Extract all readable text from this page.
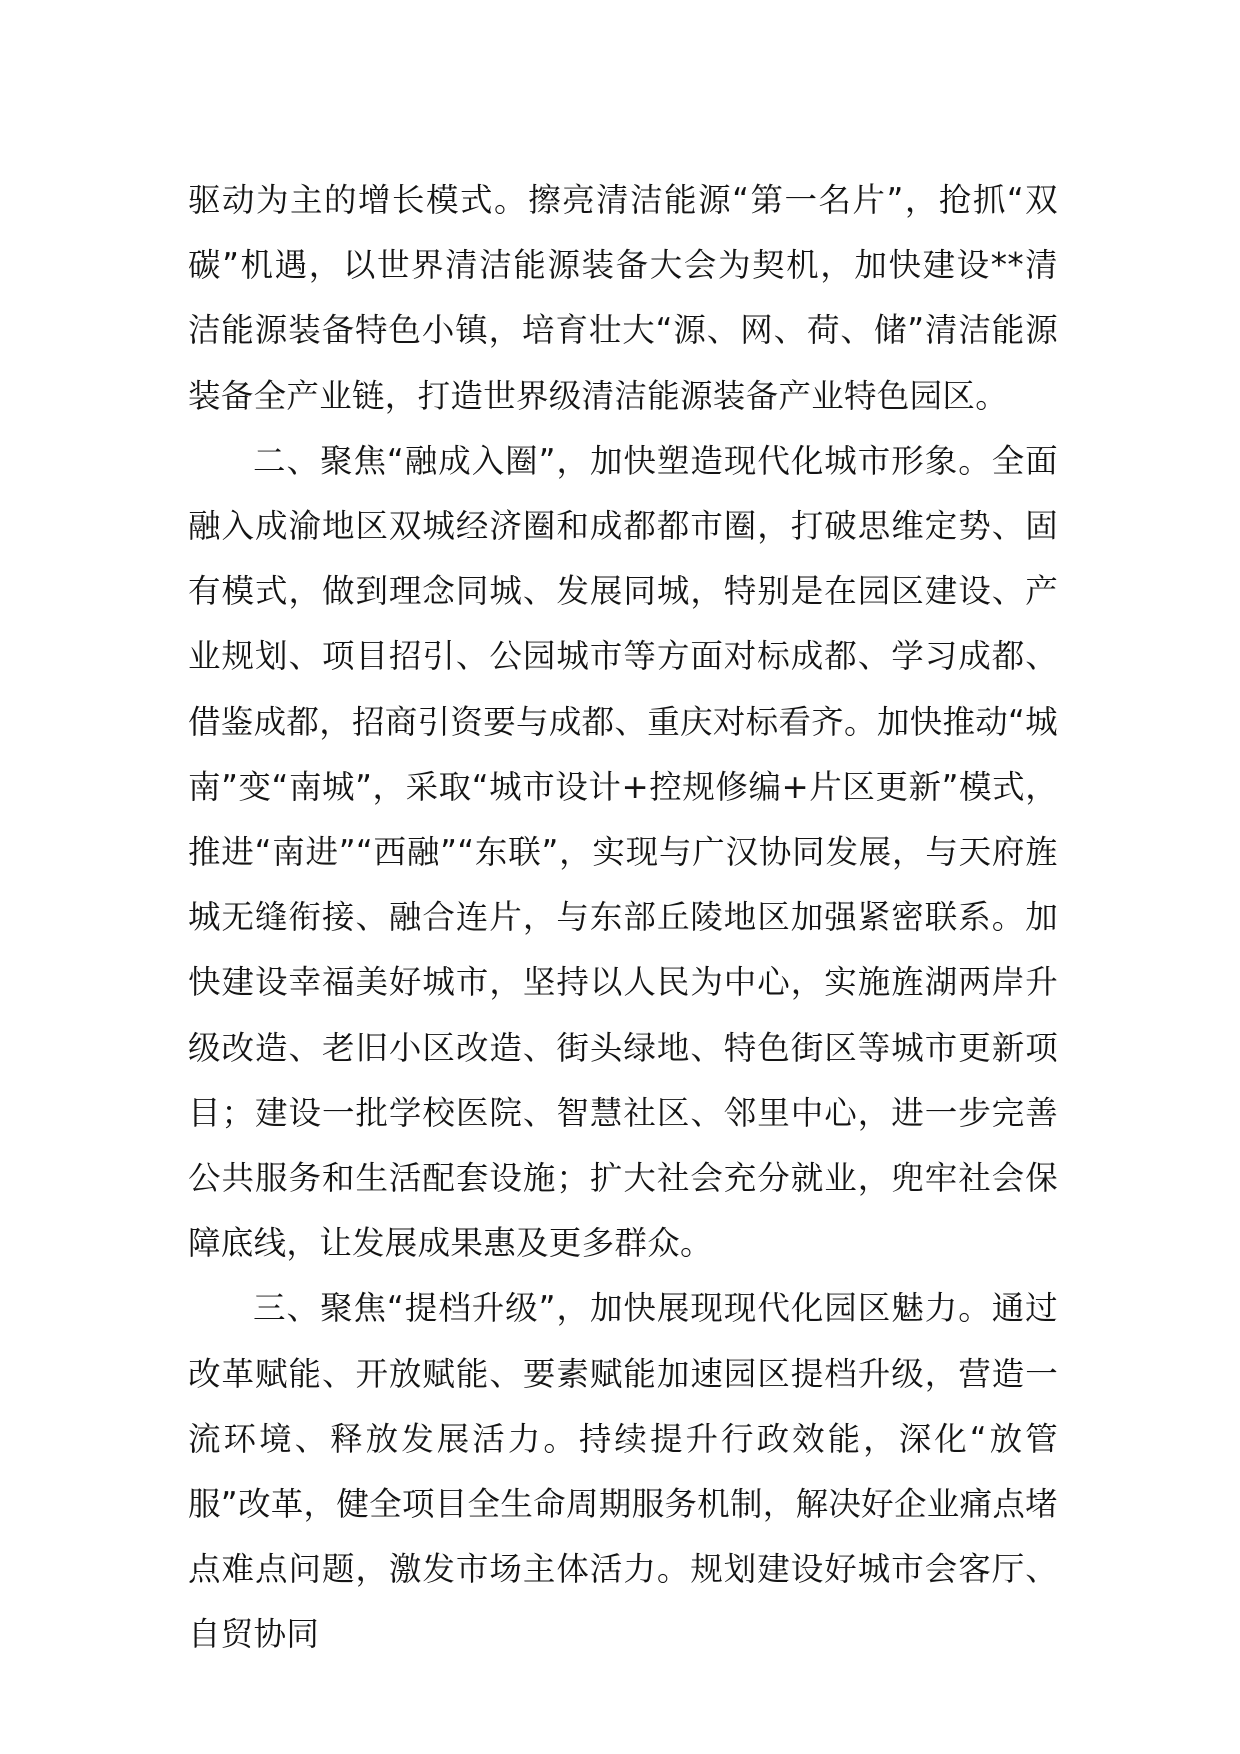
驱动为主的增长模式。擦亮清洁能源“第一名片”，抢抓“双碳”机遇，以世界清洁能源装备大会为契机，加快建设**清洁能源装备特色小镇，培育壮大“源、网、荷、储”清洁能源装备全产业链，打造世界级清洁能源装备产业特色园区。

二、聚焦“融成入圈”，加快塑造现代化城市形象。全面融入成渝地区双城经济圈和成都都市圈，打破思维定势、固有模式，做到理念同城、发展同城，特别是在园区建设、产业规划、项目招引、公园城市等方面对标成都、学习成都、借鉴成都，招商引资要与成都、重庆对标看齐。加快推动“城南”变“南城”，采取“城市设计+控规修编+片区更新”模式，推进“南进”“西融”“东联”，实现与广汉协同发展，与天府旌城无缝衔接、融合连片，与东部丘陵地区加强紧密联系。加快建设幸福美好城市，坚持以人民为中心，实施旌湖两岸升级改造、老旧小区改造、街头绿地、特色街区等城市更新项目；建设一批学校医院、智慧社区、邻里中心，进一步完善公共服务和生活配套设施；扩大社会充分就业，兜牢社会保障底线，让发展成果惠及更多群众。

三、聚焦“提档升级”，加快展现现代化园区魅力。通过改革赋能、开放赋能、要素赋能加速园区提档升级，营造一流环境、释放发展活力。持续提升行政效能，深化“放管服”改革，健全项目全生命周期服务机制，解决好企业痛点堵点难点问题，激发市场主体活力。规划建设好城市会客厅、自贸协同
